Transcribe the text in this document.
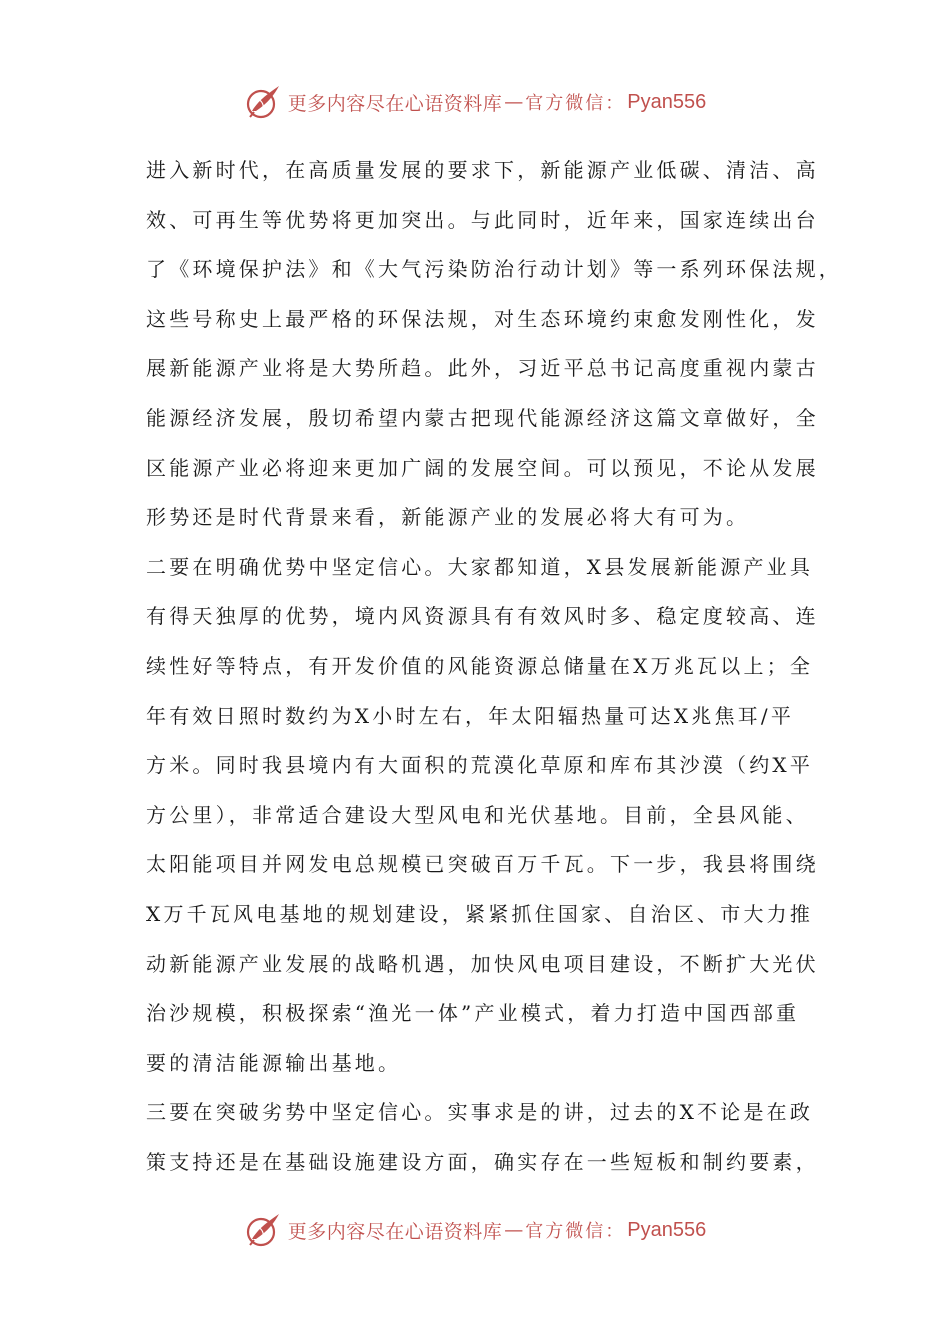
更多内容尽在心语资料库 — 官方微信： Pyan556
进入新时代，在高质量发展的要求下，新能源产业低碳、清洁、高
效、可再生等优势将更加突出。与此同时，近年来，国家连续出台
了《环境保护法》和《大气污染防治行动计划》等一系列环保法规，
这些号称史上最严格的环保法规，对生态环境约束愈发刚性化，发
展新能源产业将是大势所趋。此外，习近平总书记高度重视内蒙古
能源经济发展，殷切希望内蒙古把现代能源经济这篇文章做好，全
区能源产业必将迎来更加广阔的发展空间。可以预见，不论从发展
形势还是时代背景来看，新能源产业的发展必将大有可为。
二要在明确优势中坚定信心。大家都知道，X县发展新能源产业具
有得天独厚的优势，境内风资源具有有效风时多、稳定度较高、连
续性好等特点，有开发价值的风能资源总储量在X万兆瓦以上；全
年有效日照时数约为X小时左右，年太阳辐热量可达X兆焦耳/平
方米。同时我县境内有大面积的荒漠化草原和库布其沙漠（约X平
方公里），非常适合建设大型风电和光伏基地。目前，全县风能、
太阳能项目并网发电总规模已突破百万千瓦。下一步，我县将围绕
X万千瓦风电基地的规划建设，紧紧抓住国家、自治区、市大力推
动新能源产业发展的战略机遇，加快风电项目建设，不断扩大光伏
治沙规模，积极探索“渔光一体”产业模式，着力打造中国西部重
要的清洁能源输出基地。
三要在突破劣势中坚定信心。实事求是的讲，过去的X不论是在政
策支持还是在基础设施建设方面，确实存在一些短板和制约要素，
更多内容尽在心语资料库 — 官方微信： Pyan556
